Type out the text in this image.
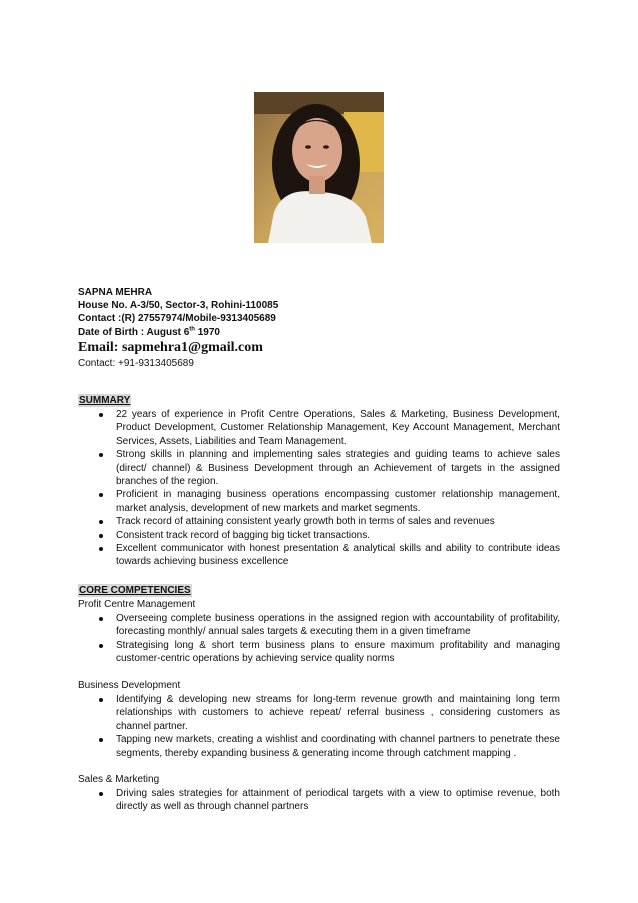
SAPNA MEHRA
House No. A-3/50, Sector-3, Rohini-110085
Contact :(R) 27557974/Mobile-9313405689
Date of Birth : August 6th 1970
Email: sapmehra1@gmail.com
Contact: +91-9313405689
SUMMARY
22 years of experience in Profit Centre Operations, Sales & Marketing, Business Development, Product Development, Customer Relationship Management, Key Account Management, Merchant Services, Assets, Liabilities and Team Management.
Strong skills in planning and implementing sales strategies and guiding teams to achieve sales (direct/ channel) & Business Development through an Achievement of targets in the assigned branches of the region.
Proficient in managing business operations encompassing customer relationship management, market analysis, development of new markets and market segments.
Track record of attaining consistent yearly growth both in terms of sales and revenues
Consistent track record of bagging big ticket transactions.
Excellent communicator with honest presentation & analytical skills and ability to contribute ideas towards achieving business excellence
CORE COMPETENCIES
Profit Centre Management
Overseeing complete business operations in the assigned region with accountability of profitability, forecasting monthly/ annual sales targets & executing them in a given timeframe
Strategising long & short term business plans to ensure maximum profitability and managing customer-centric operations by achieving service quality norms
Business Development
Identifying & developing new streams for long-term revenue growth and maintaining long term relationships with customers to achieve repeat/ referral business , considering customers as channel partner.
Tapping new markets, creating a wishlist and coordinating with channel partners to penetrate these segments, thereby expanding business & generating income through catchment mapping .
Sales & Marketing
Driving sales strategies for attainment of periodical targets with a view to optimise revenue, both directly as well as through channel partners
